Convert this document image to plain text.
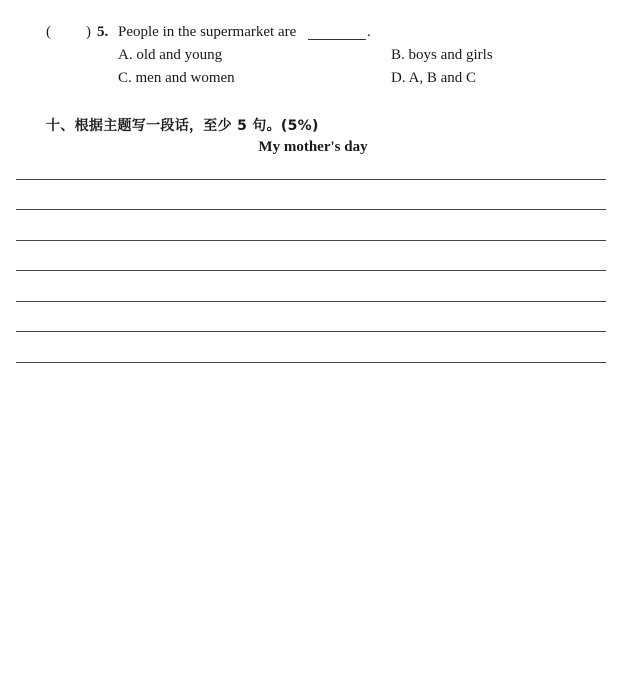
( ) 5. People in the supermarket are	.
A. old and young	B. boys and girls
C. men and women	D. A, B and C
十、根据主题写一段话，至少 5 句。(5%)
My mother's day
